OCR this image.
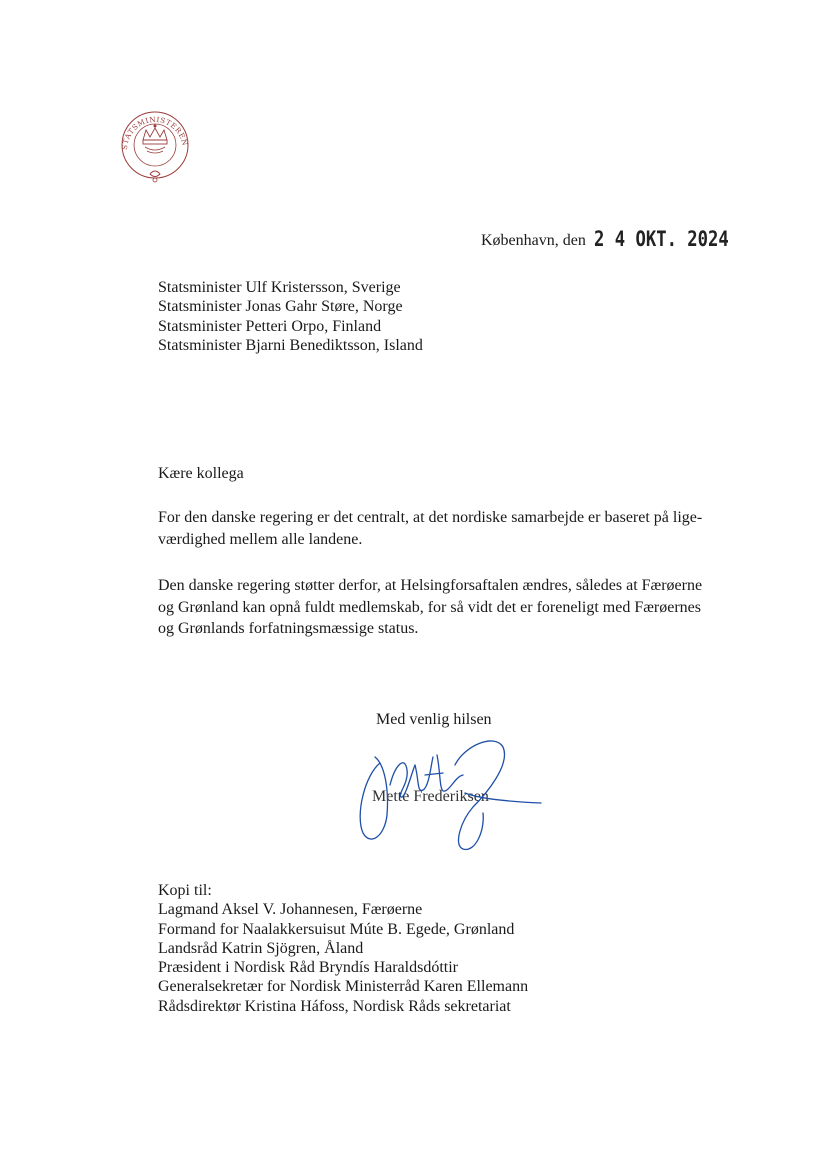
STATSMINISTEREN
København, den 2 4 OKT. 2024
Statsminister Ulf Kristersson, Sverige
Statsminister Jonas Gahr Støre, Norge
Statsminister Petteri Orpo, Finland
Statsminister Bjarni Benediktsson, Island
Kære kollega
For den danske regering er det centralt, at det nordiske samarbejde er baseret på lige-
værdighed mellem alle landene.
Den danske regering støtter derfor, at Helsingforsaftalen ændres, således at Færøerne
og Grønland kan opnå fuldt medlemskab, for så vidt det er foreneligt med Færøernes
og Grønlands forfatningsmæssige status.
Med venlig hilsen
Mette Frederiksen
Kopi til:
Lagmand Aksel V. Johannesen, Færøerne
Formand for Naalakkersuisut Múte B. Egede, Grønland
Landsråd Katrin Sjögren, Åland
Præsident i Nordisk Råd Bryndís Haraldsdóttir
Generalsekretær for Nordisk Ministerråd Karen Ellemann
Rådsdirektør Kristina Háfoss, Nordisk Råds sekretariat
